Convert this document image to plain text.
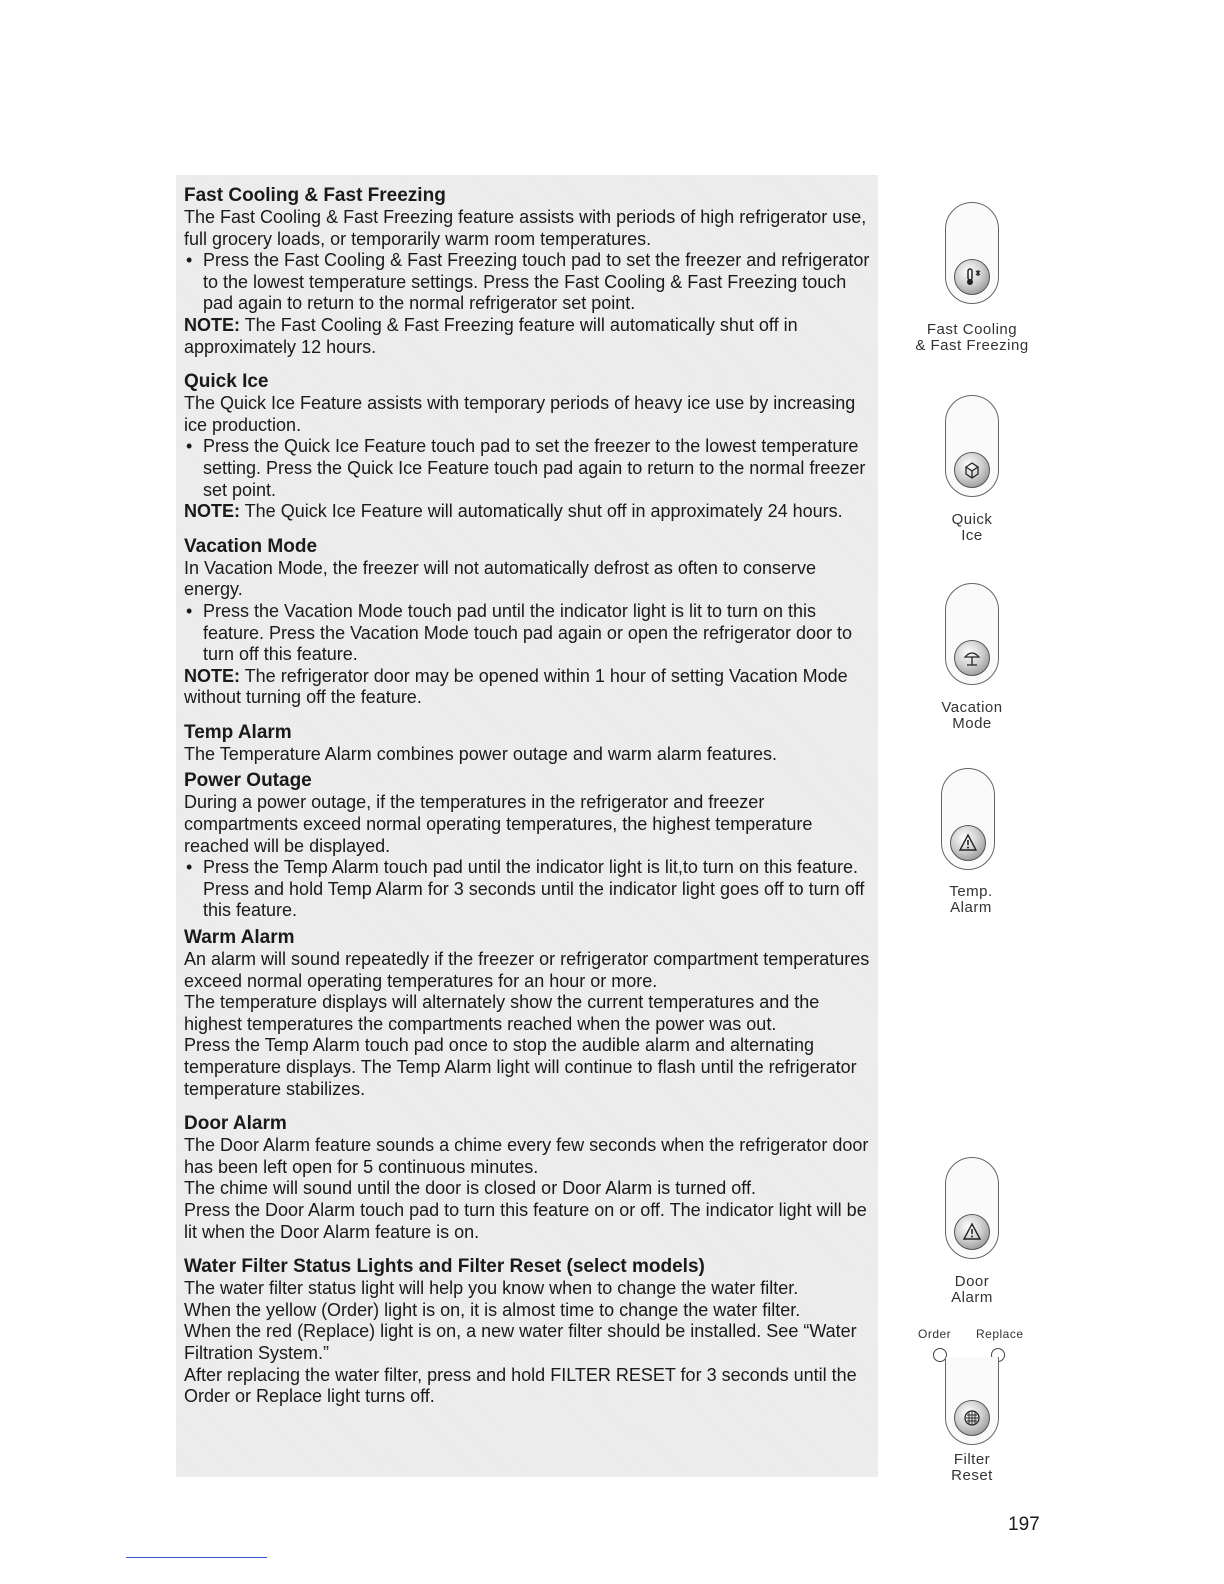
Fast Cooling & Fast Freezing

The Fast Cooling & Fast Freezing feature assists with periods of high refrigerator use, full grocery loads, or temporarily warm room temperatures.

• Press the Fast Cooling & Fast Freezing touch pad to set the freezer and refrigerator to the lowest temperature settings. Press the Fast Cooling & Fast Freezing touch pad again to return to the normal refrigerator set point.

NOTE: The Fast Cooling & Fast Freezing feature will automatically shut off in approximately 12 hours.

Quick Ice

The Quick Ice Feature assists with temporary periods of heavy ice use by increasing ice production.

• Press the Quick Ice Feature touch pad to set the freezer to the lowest temperature setting. Press the Quick Ice Feature touch pad again to return to the normal freezer set point.

NOTE: The Quick Ice Feature will automatically shut off in approximately 24 hours.

Vacation Mode

In Vacation Mode, the freezer will not automatically defrost as often to conserve energy.

• Press the Vacation Mode touch pad until the indicator light is lit to turn on this feature. Press the Vacation Mode touch pad again or open the refrigerator door to turn off this feature.

NOTE: The refrigerator door may be opened within 1 hour of setting Vacation Mode without turning off the feature.

Temp Alarm

The Temperature Alarm combines power outage and warm alarm features.

Power Outage

During a power outage, if the temperatures in the refrigerator and freezer compartments exceed normal operating temperatures, the highest temperature reached will be displayed.

• Press the Temp Alarm touch pad until the indicator light is lit,to turn on this feature. Press and hold Temp Alarm for 3 seconds until the indicator light goes off to turn off this feature.

Warm Alarm

An alarm will sound repeatedly if the freezer or refrigerator compartment temperatures exceed normal operating temperatures for an hour or more.

The temperature displays will alternately show the current temperatures and the highest temperatures the compartments reached when the power was out.

Press the Temp Alarm touch pad once to stop the audible alarm and alternating temperature displays. The Temp Alarm light will continue to flash until the refrigerator temperature stabilizes.

Door Alarm

The Door Alarm feature sounds a chime every few seconds when the refrigerator door has been left open for 5 continuous minutes.

The chime will sound until the door is closed or Door Alarm is turned off.

Press the Door Alarm touch pad to turn this feature on or off. The indicator light will be lit when the Door Alarm feature is on.

Water Filter Status Lights and Filter Reset (select models)

The water filter status light will help you know when to change the water filter.

When the yellow (Order) light is on, it is almost time to change the water filter.

When the red (Replace) light is on, a new water filter should be installed. See “Water Filtration System.”

After replacing the water filter, press and hold FILTER RESET for 3 seconds until the Order or Replace light turns off.

Fast Cooling
& Fast Freezing
Quick
Ice
Vacation
Mode
Temp.
Alarm
Door
Alarm
Order Replace
Filter
Reset
197
